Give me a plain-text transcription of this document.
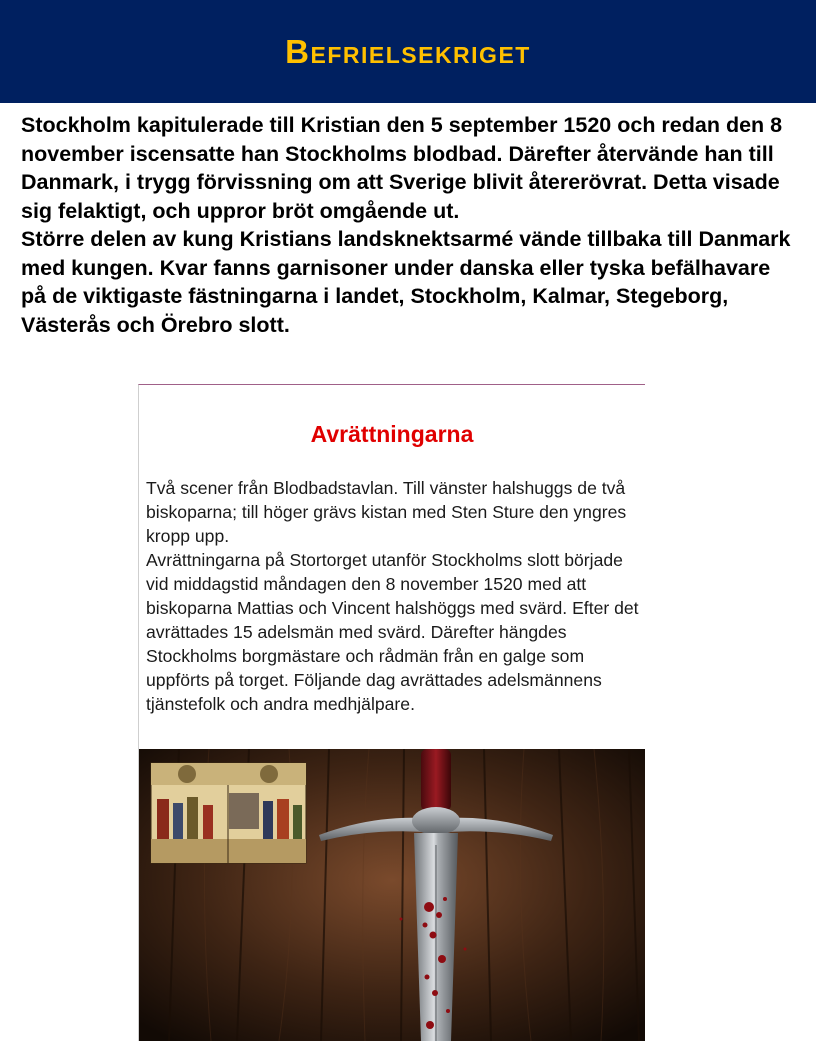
Befrielsekriget

Stockholm kapitulerade till Kristian den 5 september 1520 och redan den 8 november iscensatte han Stockholms blodbad. Därefter återvände han till Danmark, i trygg förvissning om att Sverige blivit återerövrat. Detta visade sig felaktigt, och uppror bröt omgående ut.

Större delen av kung Kristians landsknektsarmé vände tillbaka till Danmark med kungen. Kvar fanns garnisoner under danska eller tyska befälhavare på de viktigaste fästningarna i landet, Stockholm, Kalmar, Stegeborg, Västerås och Örebro slott.

Avrättningarna

Två scener från Blodbadstavlan. Till vänster halshuggs de två biskoparna; till höger grävs kistan med Sten Sture den yngres kropp upp.

Avrättningarna på Stortorget utanför Stockholms slott började vid middagstid måndagen den 8 november 1520 med att biskoparna Mattias och Vincent halshöggs med svärd. Efter det avrättades 15 adelsmän med svärd. Därefter hängdes Stockholms borgmästare och rådmän från en galge som uppförts på torget. Följande dag avrättades adelsmännens tjänstefolk och andra medhjälpare.
